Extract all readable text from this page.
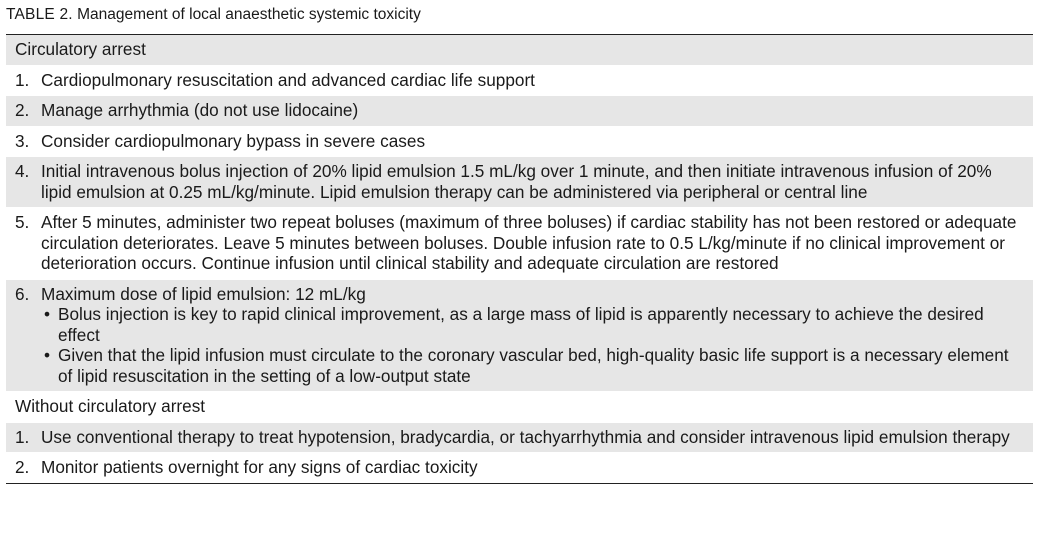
TABLE 2. Management of local anaesthetic systemic toxicity
Circulatory arrest
1. Cardiopulmonary resuscitation and advanced cardiac life support
2. Manage arrhythmia (do not use lidocaine)
3. Consider cardiopulmonary bypass in severe cases
4. Initial intravenous bolus injection of 20% lipid emulsion 1.5 mL/kg over 1 minute, and then initiate intravenous infusion of 20% lipid emulsion at 0.25 mL/kg/minute. Lipid emulsion therapy can be administered via peripheral or central line
5. After 5 minutes, administer two repeat boluses (maximum of three boluses) if cardiac stability has not been restored or adequate circulation deteriorates. Leave 5 minutes between boluses. Double infusion rate to 0.5 L/kg/minute if no clinical improvement or deterioration occurs. Continue infusion until clinical stability and adequate circulation are restored
6. Maximum dose of lipid emulsion: 12 mL/kg
• Bolus injection is key to rapid clinical improvement, as a large mass of lipid is apparently necessary to achieve the desired effect
• Given that the lipid infusion must circulate to the coronary vascular bed, high-quality basic life support is a necessary element of lipid resuscitation in the setting of a low-output state
Without circulatory arrest
1. Use conventional therapy to treat hypotension, bradycardia, or tachyarrhythmia and consider intravenous lipid emulsion therapy
2. Monitor patients overnight for any signs of cardiac toxicity
